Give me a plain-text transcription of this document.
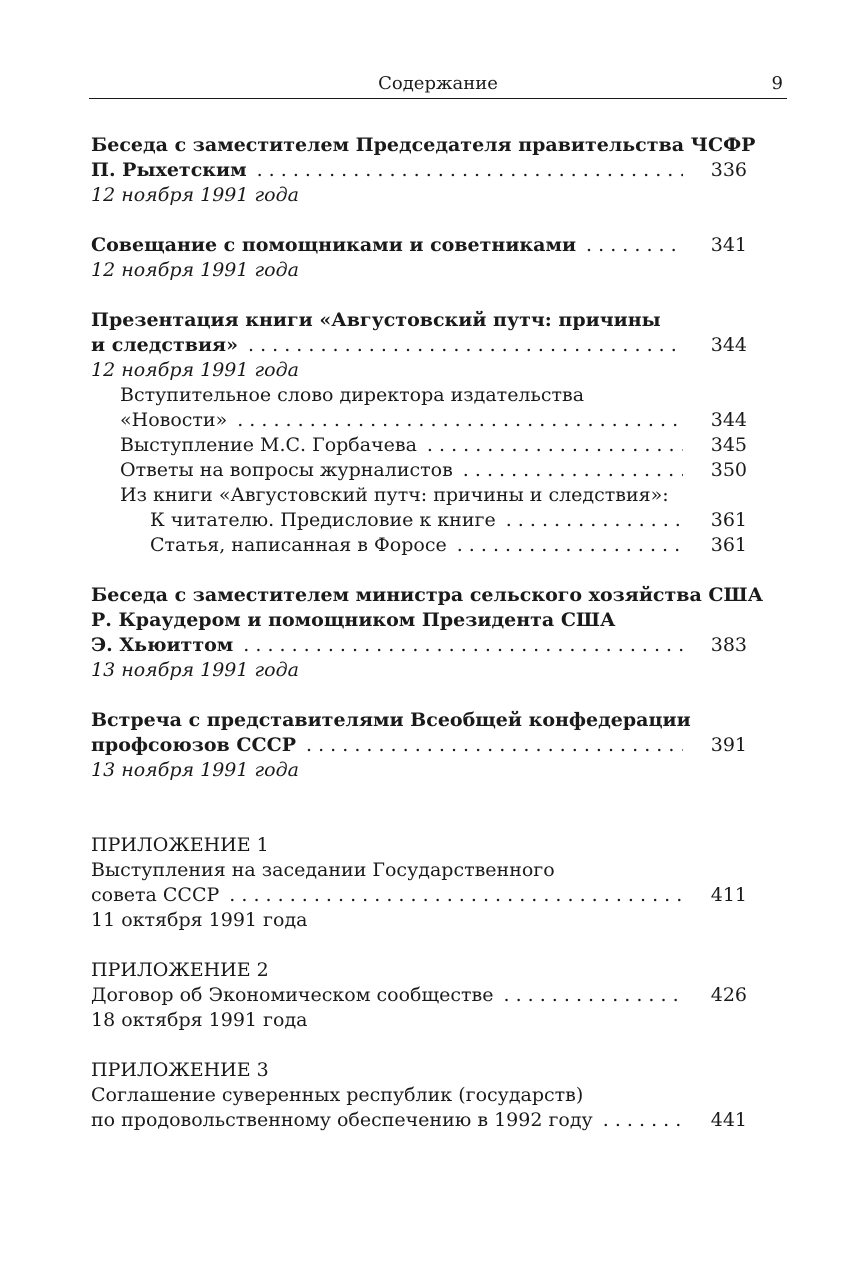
Содержание	9
Беседа с заместителем Председателя правительства ЧСФР
П. Рыхетским . . .	336
12 ноября 1991 года
Совещание с помощниками и советниками . . .	341
12 ноября 1991 года
Презентация книги «Августовский путч: причины
и следствия» . . .	344
12 ноября 1991 года
Вступительное слово директора издательства
«Новости» . . .	344
Выступление М.С. Горбачева . . .	345
Ответы на вопросы журналистов . . .	350
Из книги «Августовский путч: причины и следствия»:
К читателю. Предисловие к книге . . .	361
Статья, написанная в Форосе . . .	361
Беседа с заместителем министра сельского хозяйства США
Р. Краудером и помощником Президента США
Э. Хьюиттом . . .	383
13 ноября 1991 года
Встреча с представителями Всеобщей конфедерации
профсоюзов СССР . . .	391
13 ноября 1991 года
ПРИЛОЖЕНИЕ 1
Выступления на заседании Государственного
совета СССР . . .	411
11 октября 1991 года
ПРИЛОЖЕНИЕ 2
Договор об Экономическом сообществе . . .	426
18 октября 1991 года
ПРИЛОЖЕНИЕ 3
Соглашение суверенных республик (государств)
по продовольственному обеспечению в 1992 году . . .	441
